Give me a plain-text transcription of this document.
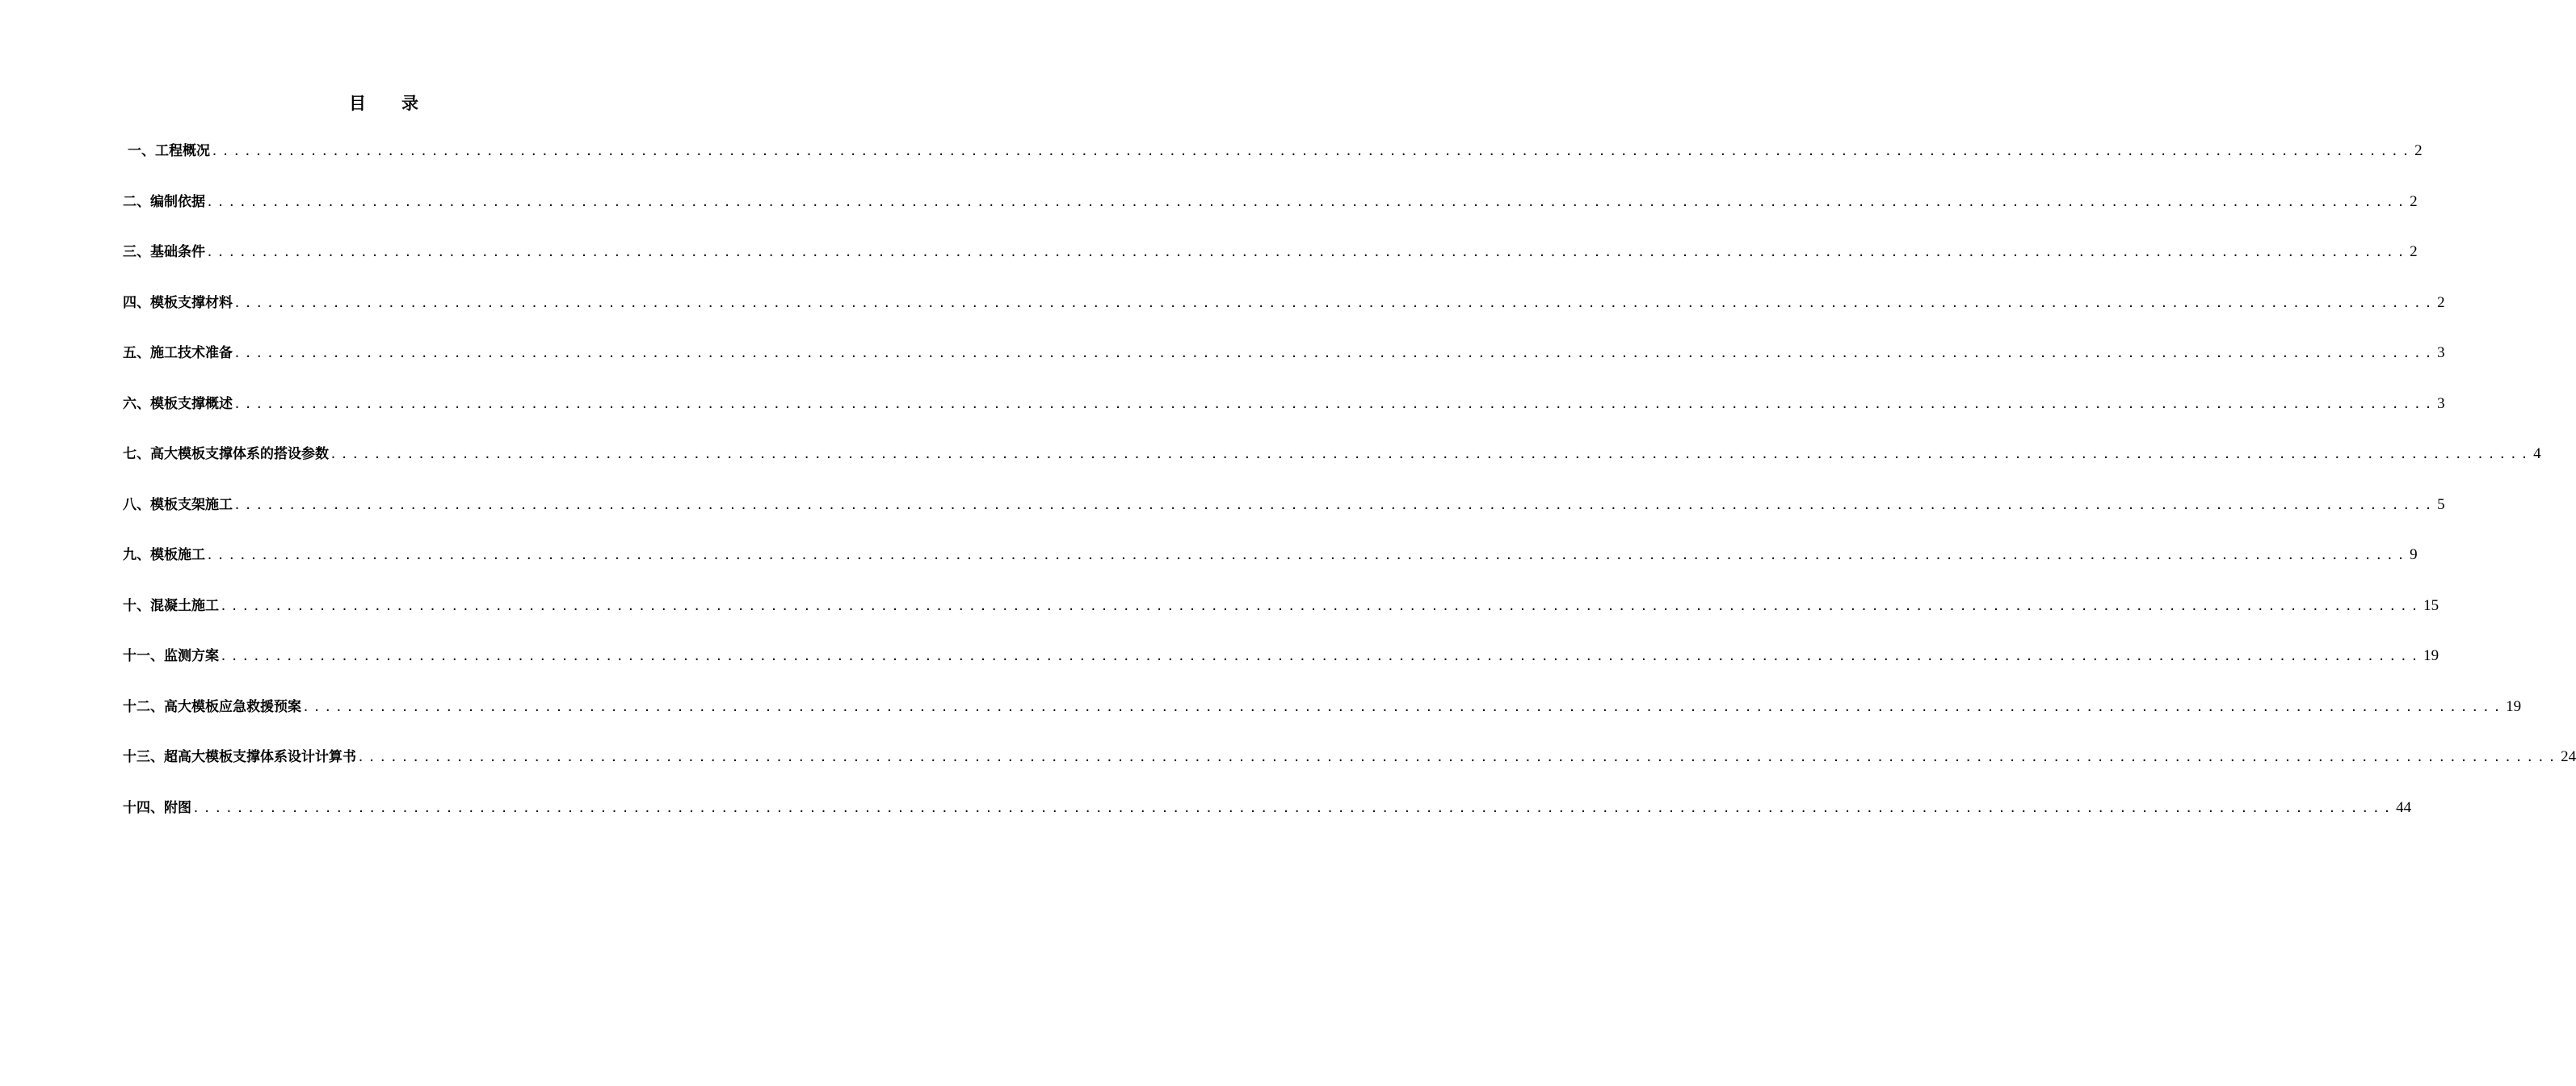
目 录
一、工程概况 ........................................................................................................................................................................................................ 2
二、编制依据 ........................................................................................................................................................................................................ 2
三、基础条件 ........................................................................................................................................................................................................ 2
四、模板支撑材料 ........................................................................................................................................................................................................ 2
五、施工技术准备 ........................................................................................................................................................................................................ 3
六、模板支撑概述 ........................................................................................................................................................................................................ 3
七、高大模板支撑体系的搭设参数 ........................................................................................................................................................................................................ 4
八、模板支架施工 ........................................................................................................................................................................................................ 5
九、模板施工 ........................................................................................................................................................................................................ 9
十、混凝土施工 ........................................................................................................................................................................................................ 15
十一、监测方案 ........................................................................................................................................................................................................ 19
十二、高大模板应急救援预案 ........................................................................................................................................................................................................ 19
十三、超高大模板支撑体系设计计算书 ........................................................................................................................................................................................................ 24
十四、附图 ........................................................................................................................................................................................................ 44
